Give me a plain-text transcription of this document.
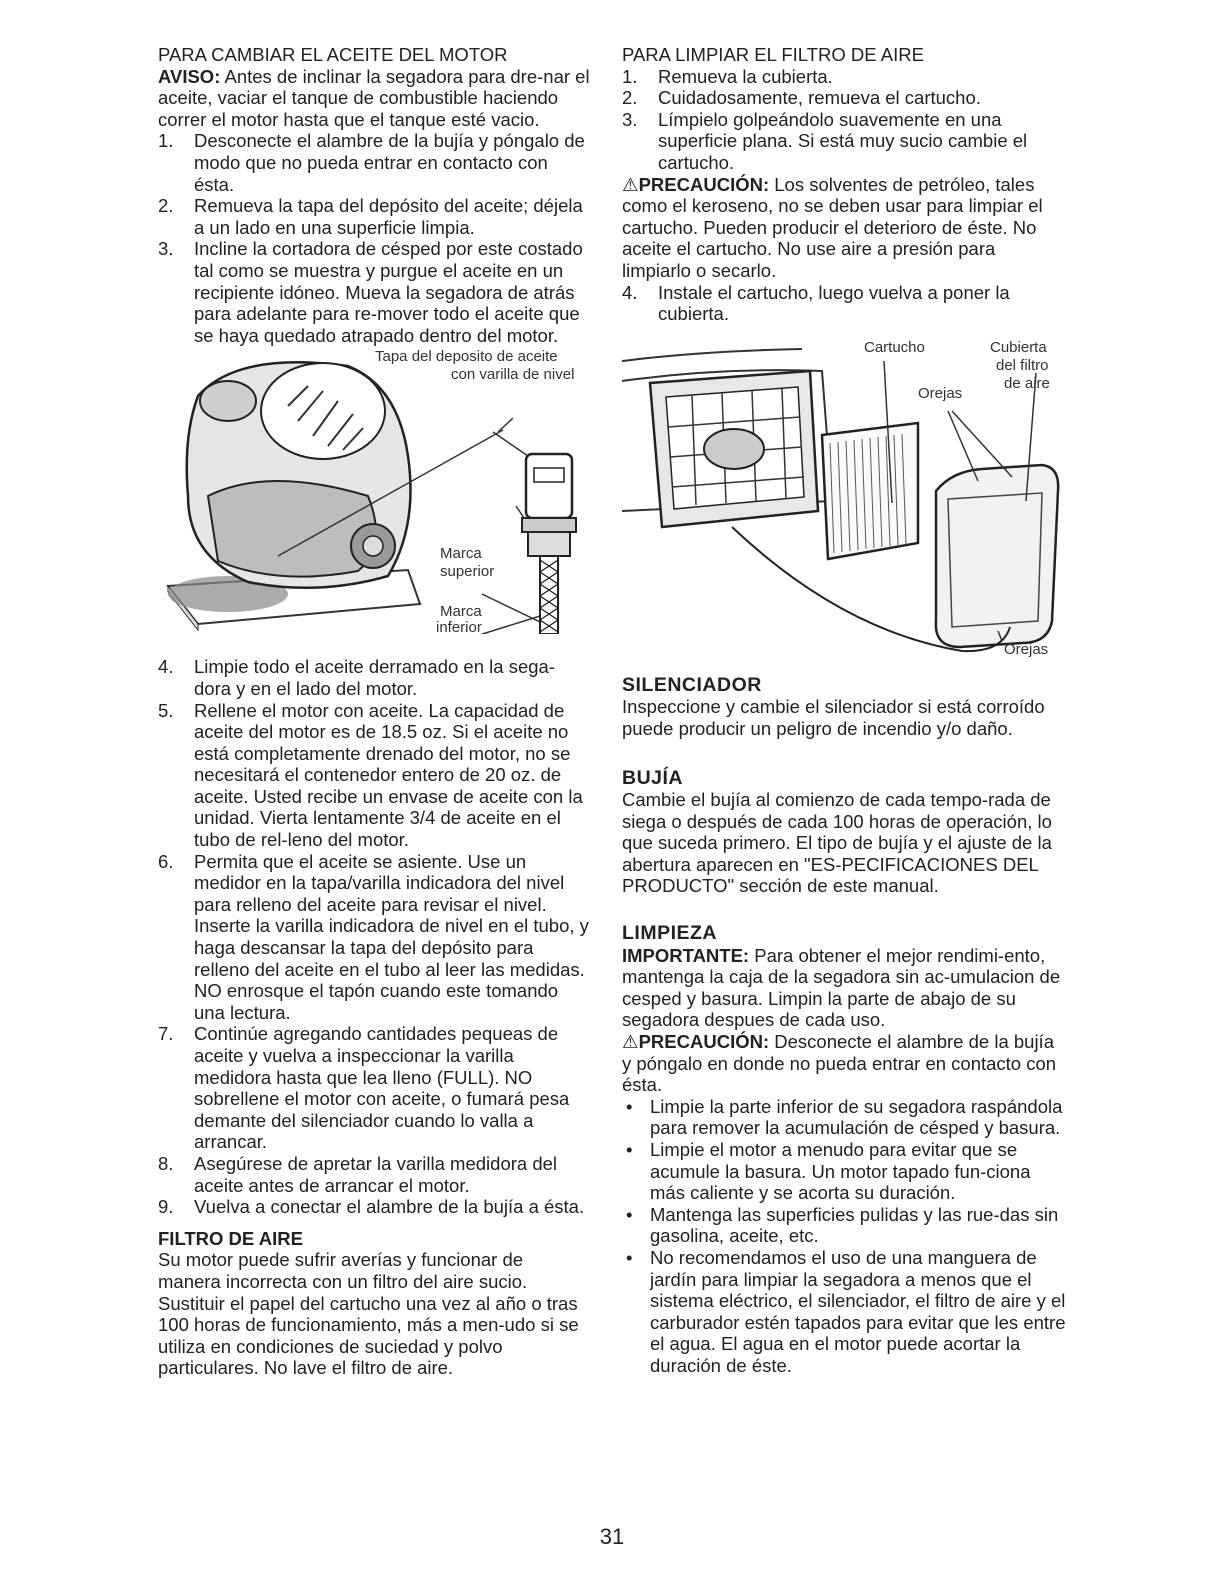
PARA CAMBIAR EL ACEITE DEL MOTOR

AVISO: Antes de inclinar la segadora para dre-nar el aceite, vaciar el tanque de combustible haciendo correr el motor hasta que el tanque esté vacio.

1. Desconecte el alambre de la bujía y póngalo de modo que no pueda entrar en contacto con ésta.
2. Remueva la tapa del depósito del aceite; déjela a un lado en una superficie limpia.
3. Incline la cortadora de césped por este costado tal como se muestra y purgue el aceite en un recipiente idóneo. Mueva la segadora de atrás para adelante para re-mover todo el aceite que se haya quedado atrapado dentro del motor.
Tapa del deposito de aceite
con varilla de nivel
Marca
superior
Marca
inferior
4. Limpie todo el aceite derramado en la sega-dora y en el lado del motor.
5. Rellene el motor con aceite. La capacidad de aceite del motor es de 18.5 oz. Si el aceite no está completamente drenado del motor, no se necesitará el contenedor entero de 20 oz. de aceite. Usted recibe un envase de aceite con la unidad. Vierta lentamente 3/4 de aceite en el tubo de rel-leno del motor.
6. Permita que el aceite se asiente. Use un medidor en la tapa/varilla indicadora del nivel para relleno del aceite para revisar el nivel. Inserte la varilla indicadora de nivel en el tubo, y haga descansar la tapa del depósito para relleno del aceite en el tubo al leer las medidas. NO enrosque el tapón cuando este tomando una lectura.
7. Continúe agregando cantidades pequeas de aceite y vuelva a inspeccionar la varilla medidora hasta que lea lleno (FULL). NO sobrellene el motor con aceite, o fumará pesa demante del silenciador cuando lo valla a arrancar.
8. Asegúrese de apretar la varilla medidora del aceite antes de arrancar el motor.
9. Vuelva a conectar el alambre de la bujía a ésta.

FILTRO DE AIRE

Su motor puede sufrir averías y funcionar de manera incorrecta con un filtro del aire sucio. Sustituir el papel del cartucho una vez al año o tras 100 horas de funcionamiento, más a men-udo si se utiliza en condiciones de suciedad y polvo particulares. No lave el filtro de aire.

PARA LIMPIAR EL FILTRO DE AIRE

1. Remueva la cubierta.
2. Cuidadosamente, remueva el cartucho.
3. Límpielo golpeándolo suavemente en una superficie plana. Si está muy sucio cambie el cartucho.

⚠PRECAUCIÓN: Los solventes de petróleo, tales como el keroseno, no se deben usar para limpiar el cartucho. Pueden producir el deterioro de éste. No aceite el cartucho. No use aire a presión para limpiarlo o secarlo.

4. Instale el cartucho, luego vuelva a poner la cubierta.
Cartucho	Cubierta
del filtro
de aire
Orejas
Orejas

SILENCIADOR

Inspeccione y cambie el silenciador si está corroído puede producir un peligro de incendio y/o daño.

BUJÍA

Cambie el bujía al comienzo de cada tempo-rada de siega o después de cada 100 horas de operación, lo que suceda primero. El tipo de bujía y el ajuste de la abertura aparecen en "ES-PECIFICACIONES DEL PRODUCTO" sección de este manual.

LIMPIEZA

IMPORTANTE: Para obtener el mejor rendimi-ento, mantenga la caja de la segadora sin ac-umulacion de cesped y basura. Limpin la parte de abajo de su segadora despues de cada uso.

⚠PRECAUCIÓN: Desconecte el alambre de la bujía y póngalo en donde no pueda entrar en contacto con ésta.

• Limpie la parte inferior de su segadora raspándola para remover la acumulación de césped y basura.
• Limpie el motor a menudo para evitar que se acumule la basura. Un motor tapado fun-ciona más caliente y se acorta su duración.
• Mantenga las superficies pulidas y las rue-das sin gasolina, aceite, etc.
• No recomendamos el uso de una manguera de jardín para limpiar la segadora a menos que el sistema eléctrico, el silenciador, el filtro de aire y el carburador estén tapados para evitar que les entre el agua. El agua en el motor puede acortar la duración de éste.
31
